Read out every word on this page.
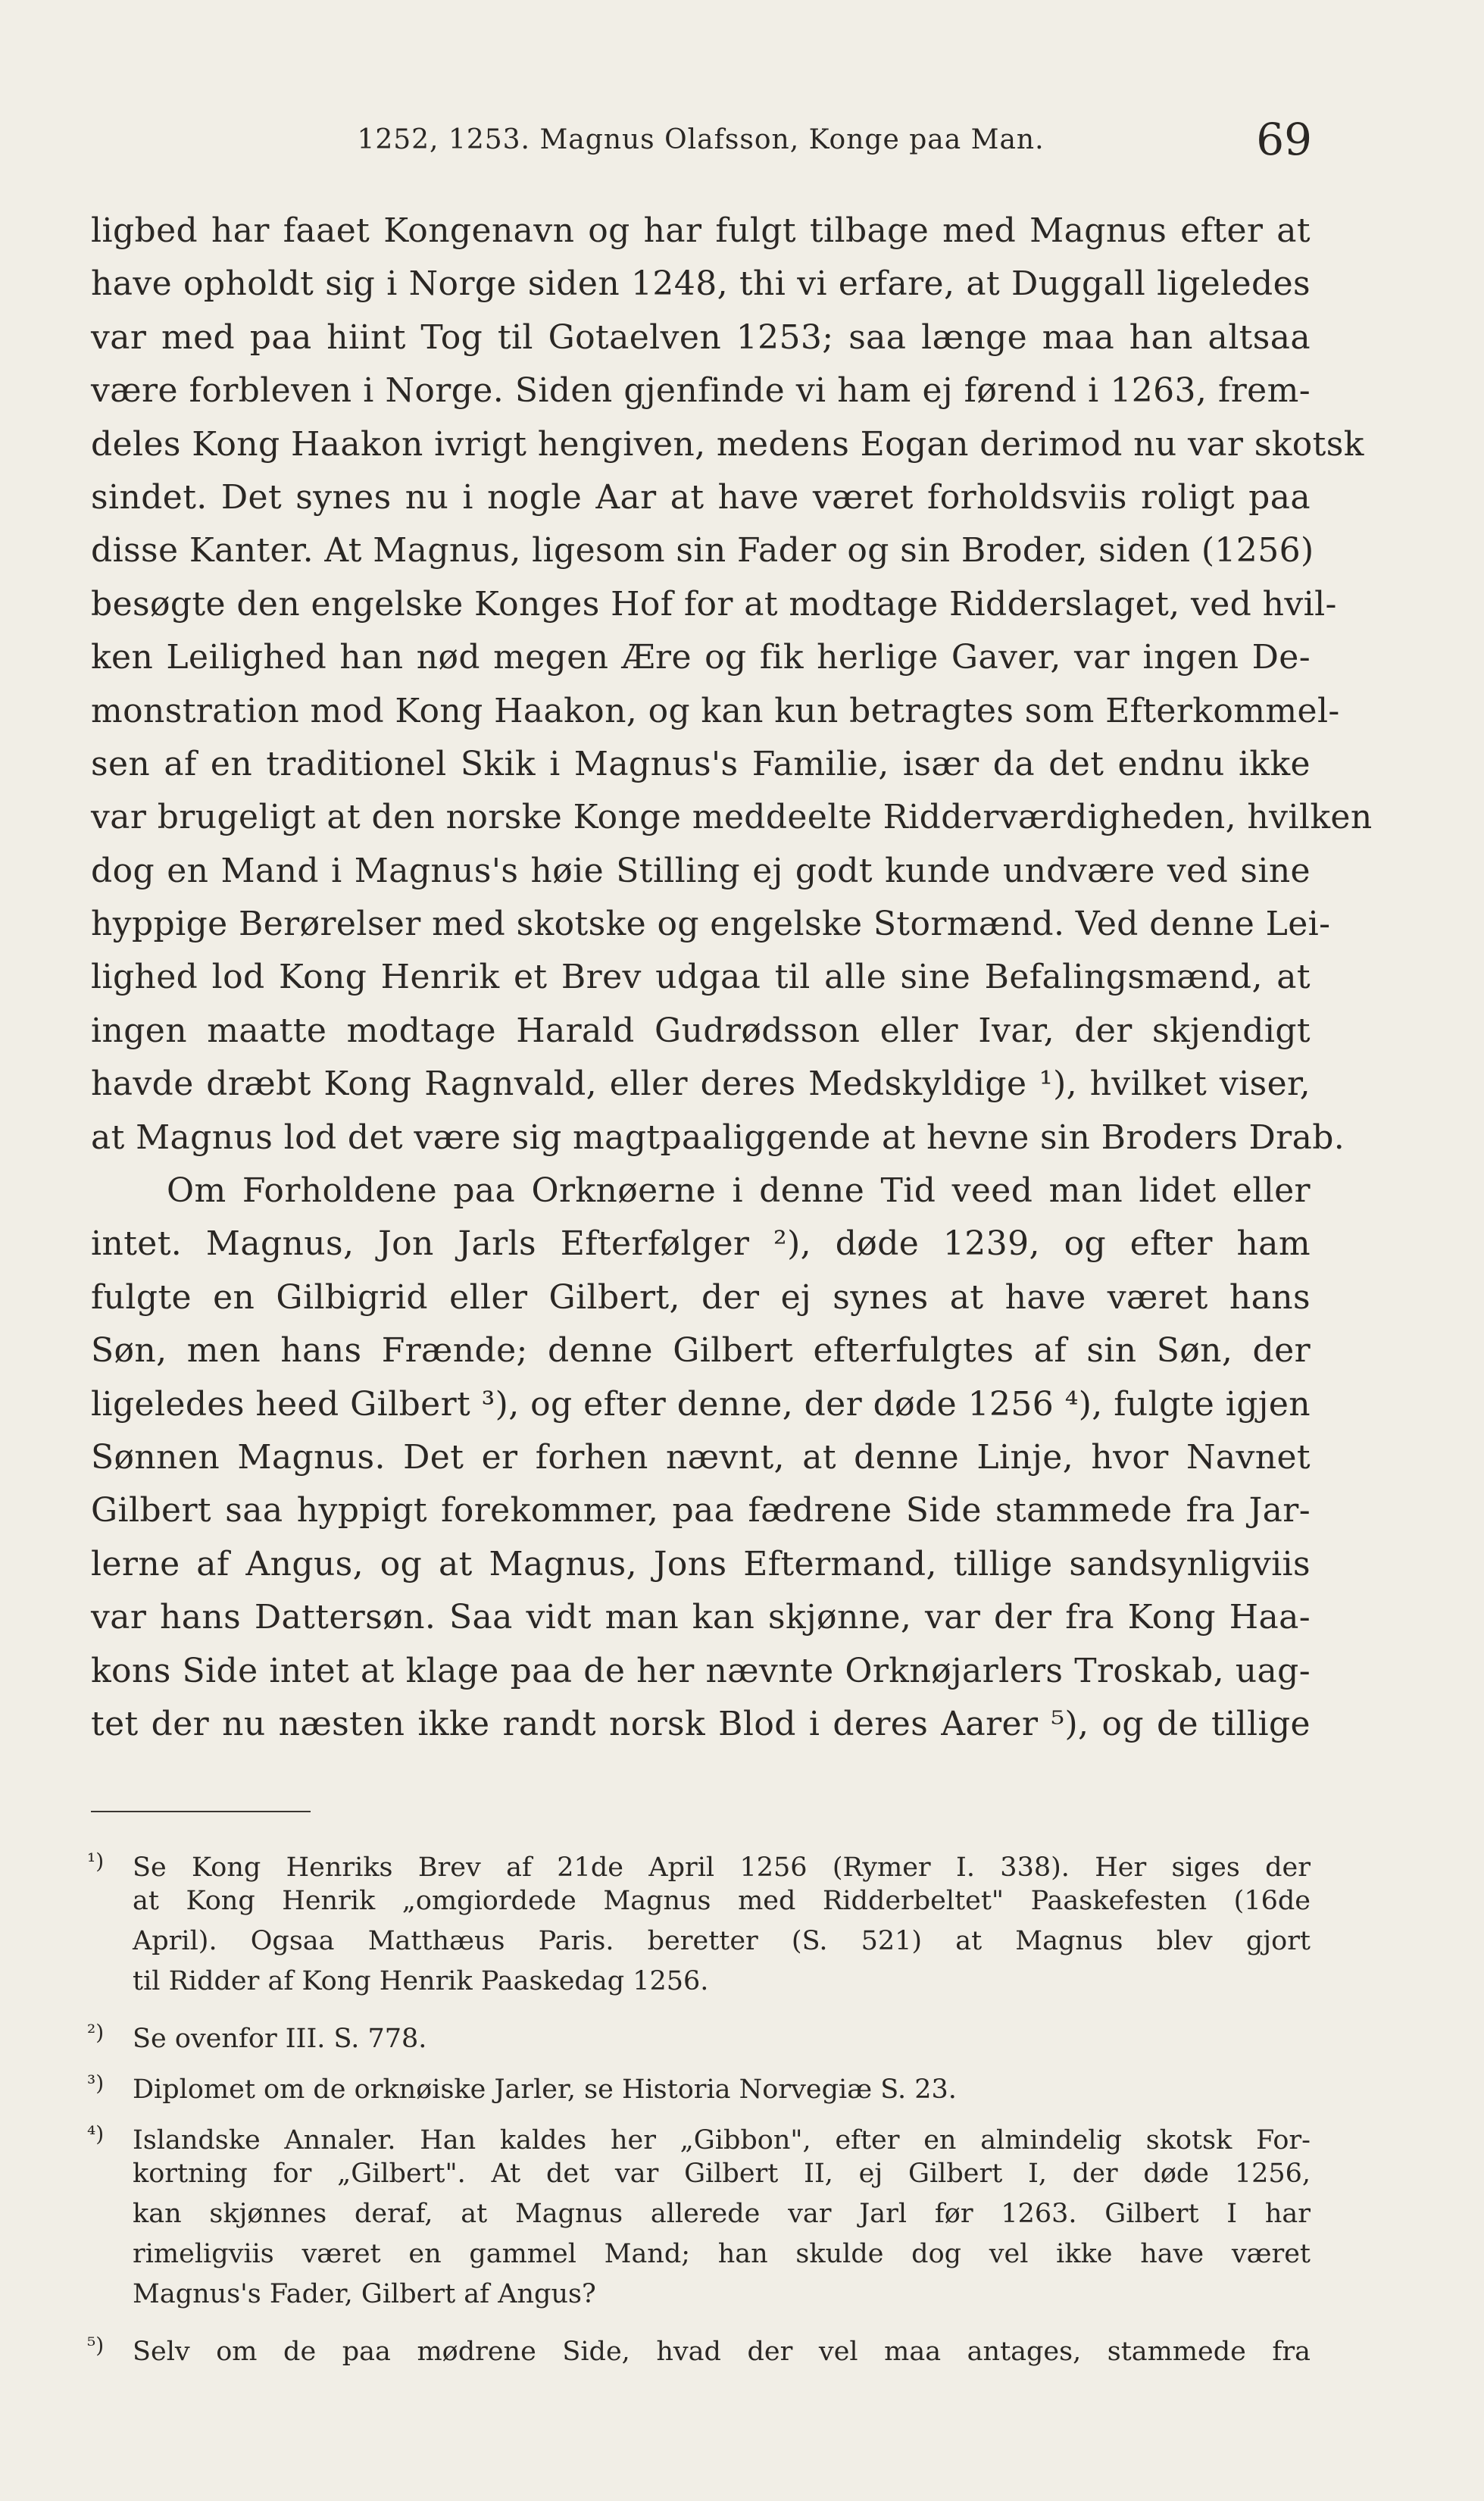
1252, 1253. Magnus Olafsson, Konge paa Man.	69
ligbed har faaet Kongenavn og har fulgt tilbage med Magnus efter at
have opholdt sig i Norge siden 1248, thi vi erfare, at Duggall ligeledes
var med paa hiint Tog til Gotaelven 1253; saa længe maa han altsaa
være forbleven i Norge. Siden gjenfinde vi ham ej førend i 1263, frem-
deles Kong Haakon ivrigt hengiven, medens Eogan derimod nu var skotsk
sindet. Det synes nu i nogle Aar at have været forholdsviis roligt paa
disse Kanter. At Magnus, ligesom sin Fader og sin Broder, siden (1256)
besøgte den engelske Konges Hof for at modtage Ridderslaget, ved hvil-
ken Leilighed han nød megen Ære og fik herlige Gaver, var ingen De-
monstration mod Kong Haakon, og kan kun betragtes som Efterkommel-
sen af en traditionel Skik i Magnus's Familie, især da det endnu ikke
var brugeligt at den norske Konge meddeelte Ridderværdigheden, hvilken
dog en Mand i Magnus's høie Stilling ej godt kunde undvære ved sine
hyppige Berørelser med skotske og engelske Stormænd. Ved denne Lei-
lighed lod Kong Henrik et Brev udgaa til alle sine Befalingsmænd, at
ingen maatte modtage Harald Gudrødsson eller Ivar, der skjendigt
havde dræbt Kong Ragnvald, eller deres Medskyldige ¹), hvilket viser,
at Magnus lod det være sig magtpaaliggende at hevne sin Broders Drab.
Om Forholdene paa Orknøerne i denne Tid veed man lidet eller
intet. Magnus, Jon Jarls Efterfølger ²), døde 1239, og efter ham
fulgte en Gilbigrid eller Gilbert, der ej synes at have været hans
Søn, men hans Frænde; denne Gilbert efterfulgtes af sin Søn, der
ligeledes heed Gilbert ³), og efter denne, der døde 1256 ⁴), fulgte igjen
Sønnen Magnus. Det er forhen nævnt, at denne Linje, hvor Navnet
Gilbert saa hyppigt forekommer, paa fædrene Side stammede fra Jar-
lerne af Angus, og at Magnus, Jons Eftermand, tillige sandsynligviis
var hans Dattersøn. Saa vidt man kan skjønne, var der fra Kong Haa-
kons Side intet at klage paa de her nævnte Orknøjarlers Troskab, uag-
tet der nu næsten ikke randt norsk Blod i deres Aarer ⁵), og de tillige
¹) Se Kong Henriks Brev af 21de April 1256 (Rymer I. 338). Her siges der
at Kong Henrik „omgiordede Magnus med Ridderbeltet" Paaskefesten (16de
April). Ogsaa Matthæus Paris. beretter (S. 521) at Magnus blev gjort
til Ridder af Kong Henrik Paaskedag 1256.
²) Se ovenfor III. S. 778.
³) Diplomet om de orknøiske Jarler, se Historia Norvegiæ S. 23.
⁴) Islandske Annaler. Han kaldes her „Gibbon", efter en almindelig skotsk For-
kortning for „Gilbert". At det var Gilbert II, ej Gilbert I, der døde 1256,
kan skjønnes deraf, at Magnus allerede var Jarl før 1263. Gilbert I har
rimeligviis været en gammel Mand; han skulde dog vel ikke have været
Magnus's Fader, Gilbert af Angus?
⁵) Selv om de paa mødrene Side, hvad der vel maa antages, stammede fra
